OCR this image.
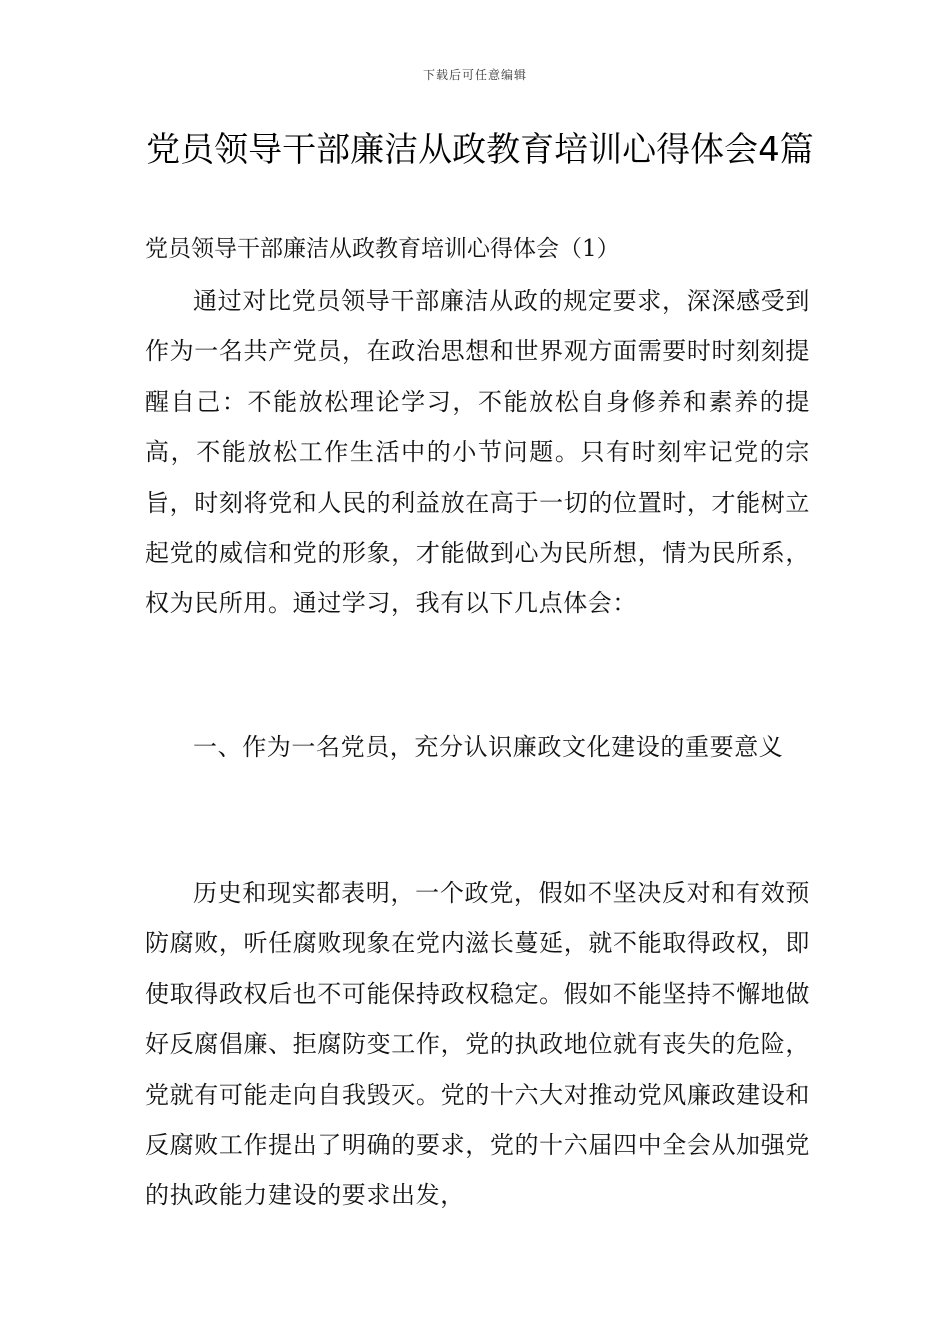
下载后可任意编辑
党员领导干部廉洁从政教育培训心得体会4篇

党员领导干部廉洁从政教育培训心得体会（1）

通过对比党员领导干部廉洁从政的规定要求，深深感受到作为一名共产党员，在政治思想和世界观方面需要时时刻刻提醒自己：不能放松理论学习，不能放松自身修养和素养的提高，不能放松工作生活中的小节问题。只有时刻牢记党的宗旨，时刻将党和人民的利益放在高于一切的位置时，才能树立起党的威信和党的形象，才能做到心为民所想，情为民所系，权为民所用。通过学习，我有以下几点体会：

一、作为一名党员，充分认识廉政文化建设的重要意义

历史和现实都表明，一个政党，假如不坚决反对和有效预防腐败，听任腐败现象在党内滋长蔓延，就不能取得政权，即使取得政权后也不可能保持政权稳定。假如不能坚持不懈地做好反腐倡廉、拒腐防变工作，党的执政地位就有丧失的危险，党就有可能走向自我毁灭。党的十六大对推动党风廉政建设和反腐败工作提出了明确的要求，党的十六届四中全会从加强党的执政能力建设的要求出发，
